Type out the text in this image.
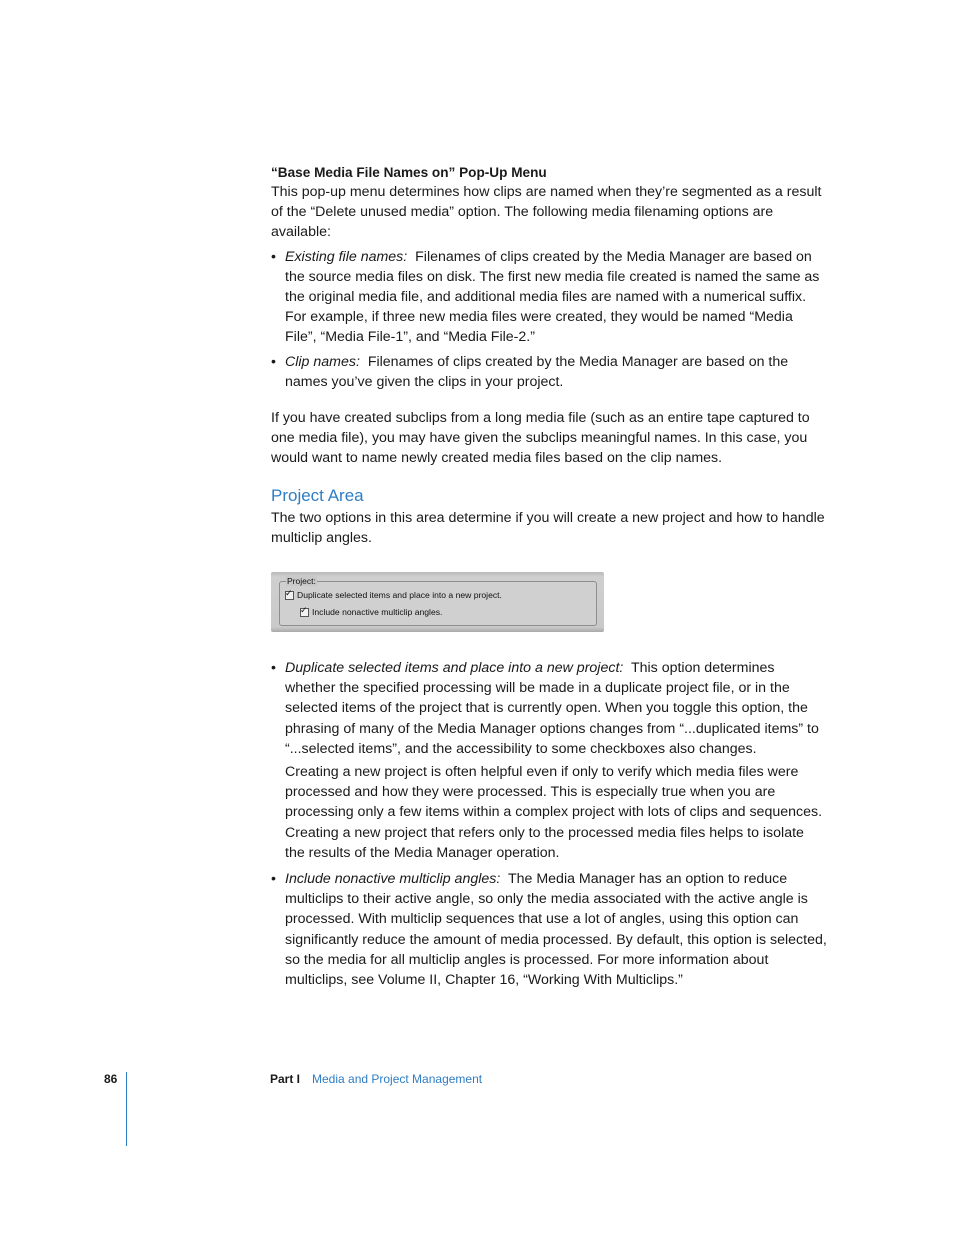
“Base Media File Names on” Pop-Up Menu

This pop-up menu determines how clips are named when they’re segmented as a result of the “Delete unused media” option. The following media filenaming options are available:

• Existing file names: Filenames of clips created by the Media Manager are based on the source media files on disk. The first new media file created is named the same as the original media file, and additional media files are named with a numerical suffix. For example, if three new media files were created, they would be named “Media File”, “Media File-1”, and “Media File-2.”
• Clip names: Filenames of clips created by the Media Manager are based on the names you’ve given the clips in your project.

If you have created subclips from a long media file (such as an entire tape captured to one media file), you may have given the subclips meaningful names. In this case, you would want to name newly created media files based on the clip names.

Project Area

The two options in this area determine if you will create a new project and how to handle multiclip angles.

Project:
✓
Duplicate selected items and place into a new project.
✓
Include nonactive multiclip angles.
• Duplicate selected items and place into a new project: This option determines whether the specified processing will be made in a duplicate project file, or in the selected items of the project that is currently open. When you toggle this option, the phrasing of many of the Media Manager options changes from “...duplicated items” to “...selected items”, and the accessibility to some checkboxes also changes.

Creating a new project is often helpful even if only to verify which media files were processed and how they were processed. This is especially true when you are processing only a few items within a complex project with lots of clips and sequences. Creating a new project that refers only to the processed media files helps to isolate the results of the Media Manager operation.

• Include nonactive multiclip angles: The Media Manager has an option to reduce multiclips to their active angle, so only the media associated with the active angle is processed. With multiclip sequences that use a lot of angles, using this option can significantly reduce the amount of media processed. By default, this option is selected, so the media for all multiclip angles is processed. For more information about multiclips, see Volume II, Chapter 16, “Working With Multiclips.”
86	Part I Media and Project Management
